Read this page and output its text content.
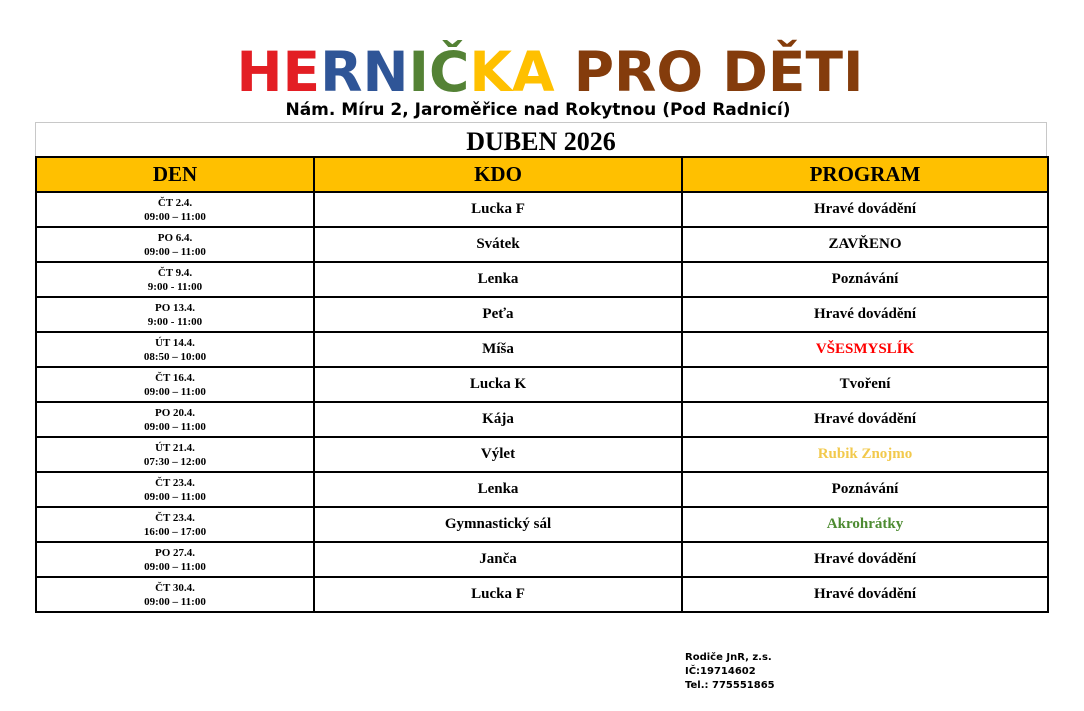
HERNIČKA PRO DĚTI
Nám. Míru 2, Jaroměřice nad Rokytnou (Pod Radnicí)
DUBEN 2026
DEN	KDO	PROGRAM

ČT 2.4.
09:00 – 11:00	Lucka F	Hravé dovádění

PO 6.4.
09:00 – 11:00	Svátek	ZAVŘENO

ČT 9.4.
9:00 - 11:00	Lenka	Poznávání

PO 13.4.
9:00 - 11:00	Peťa	Hravé dovádění

ÚT 14.4.
08:50 – 10:00	Míša	VŠESMYSLÍK

ČT 16.4.
09:00 – 11:00	Lucka K	Tvoření

PO 20.4.
09:00 – 11:00	Kája	Hravé dovádění

ÚT 21.4.
07:30 – 12:00	Výlet	Rubik Znojmo

ČT 23.4.
09:00 – 11:00	Lenka	Poznávání

ČT 23.4.
16:00 – 17:00	Gymnastický sál	Akrohrátky

PO 27.4.
09:00 – 11:00	Janča	Hravé dovádění

ČT 30.4.
09:00 – 11:00	Lucka F	Hravé dovádění
Rodiče JnR, z.s.
IČ:19714602
Tel.: 775551865
